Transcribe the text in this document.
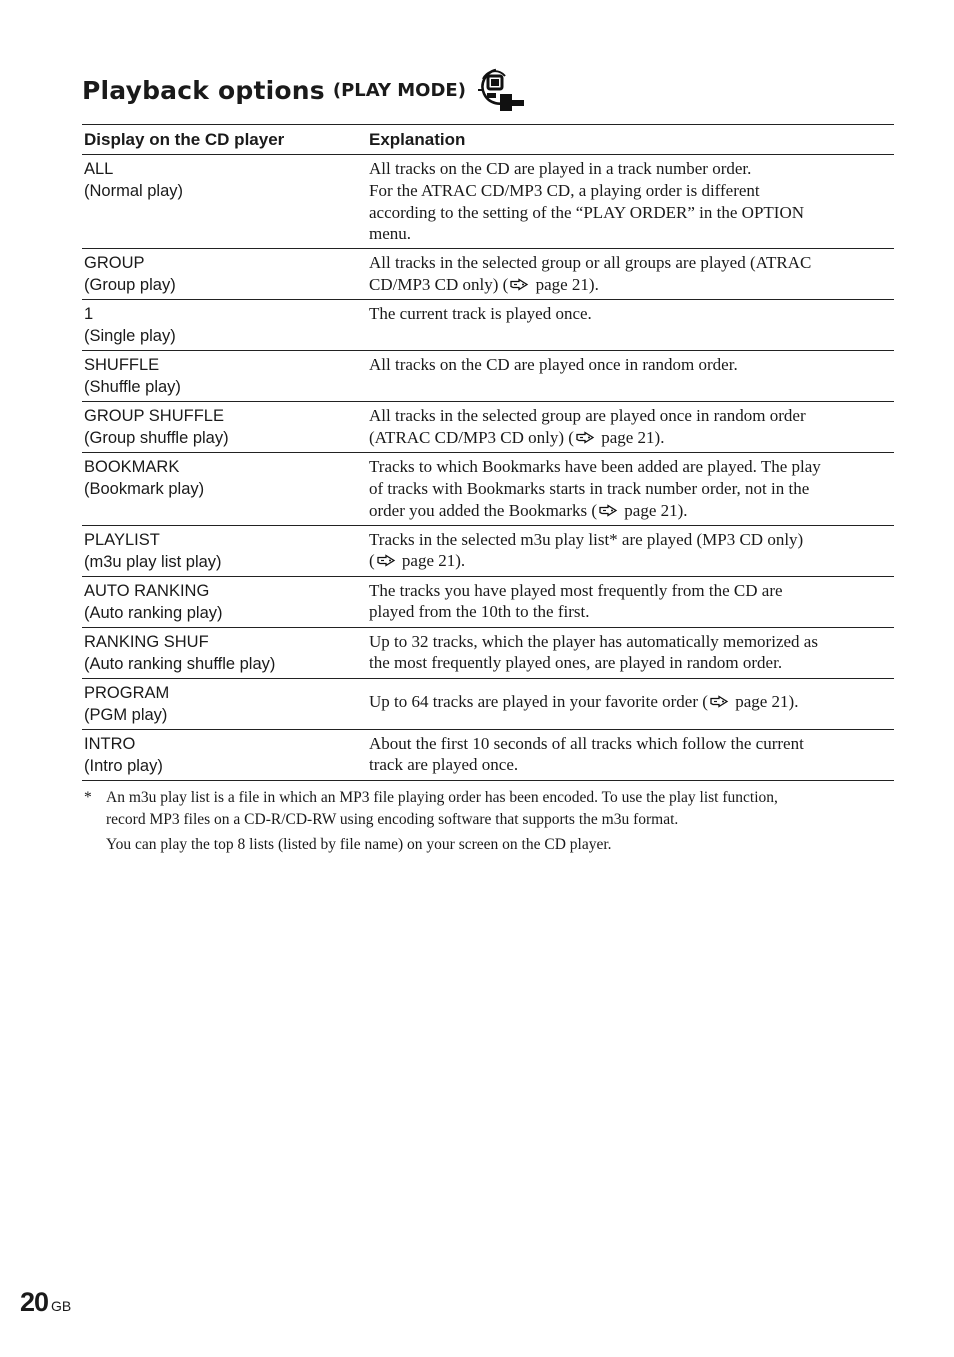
Playback options (PLAY MODE)
Display on the CD player	Explanation

ALL
(Normal play)	All tracks on the CD are played in a track number order.
For the ATRAC CD/MP3 CD, a playing order is different
according to the setting of the “PLAY ORDER” in the OPTION
menu.

GROUP
(Group play)	All tracks in the selected group or all groups are played (ATRAC
CD/MP3 CD only) ( page 21).

1
(Single play)	The current track is played once.

SHUFFLE
(Shuffle play)	All tracks on the CD are played once in random order.

GROUP SHUFFLE
(Group shuffle play)	All tracks in the selected group are played once in random order
(ATRAC CD/MP3 CD only) ( page 21).

BOOKMARK
(Bookmark play)	Tracks to which Bookmarks have been added are played. The play
of tracks with Bookmarks starts in track number order, not in the
order you added the Bookmarks ( page 21).

PLAYLIST
(m3u play list play)	Tracks in the selected m3u play list* are played (MP3 CD only)
( page 21).

AUTO RANKING
(Auto ranking play)	The tracks you have played most frequently from the CD are
played from the 10th to the first.

RANKING SHUF
(Auto ranking shuffle play)	Up to 32 tracks, which the player has automatically memorized as
the most frequently played ones, are played in random order.

PROGRAM
(PGM play)	Up to 64 tracks are played in your favorite order ( page 21).

INTRO
(Intro play)	About the first 10 seconds of all tracks which follow the current
track are played once.
* An m3u play list is a file in which an MP3 file playing order has been encoded. To use the play list function,
record MP3 files on a CD-R/CD-RW using encoding software that supports the m3u format.
You can play the top 8 lists (listed by file name) on your screen on the CD player.
20 GB
